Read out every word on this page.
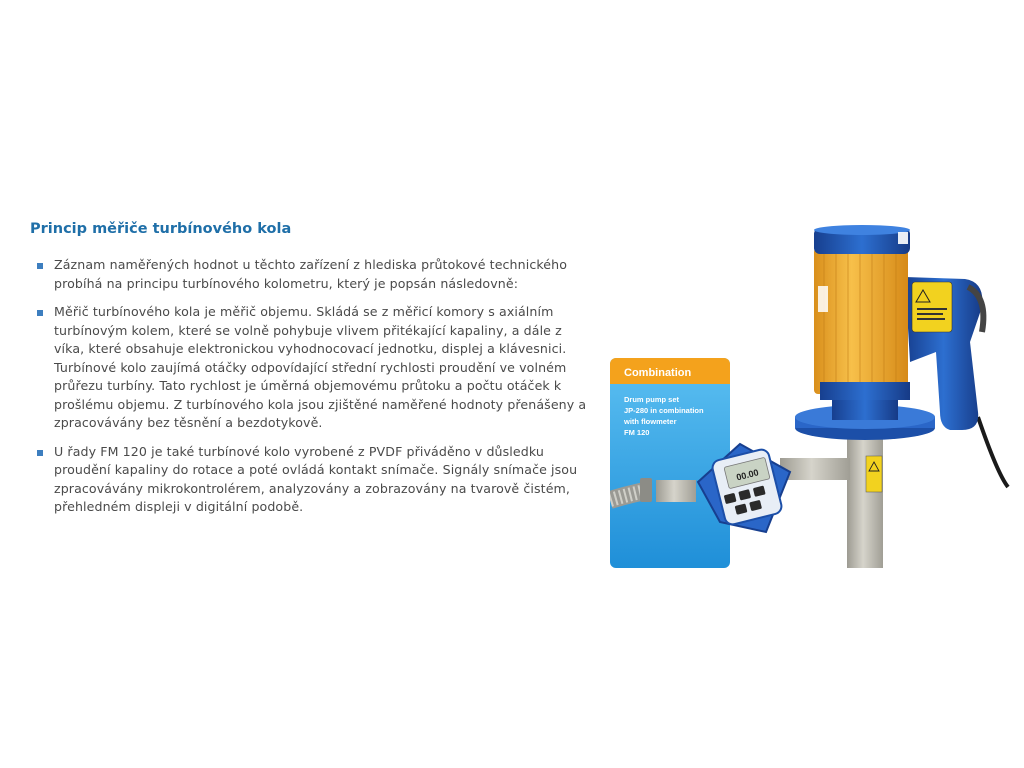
Princip měřiče turbínového kola
Záznam naměřených hodnot u těchto zařízení z hlediska průtokové technického probíhá na principu turbínového kolometru, který je popsán následovně:
Měřič turbínového kola je měřič objemu. Skládá se z měřicí komory s axiálním turbínovým kolem, které se volně pohybuje vlivem přitékající kapaliny, a dále z víka, které obsahuje elektronickou vyhodnocovací jednotku, displej a klávesnici. Turbínové kolo zaujímá otáčky odpovídající střední rychlosti proudění ve volném průřezu turbíny. Tato rychlost je úměrná objemovému průtoku a počtu otáček k prošlému objemu. Z turbínového kola jsou zjištěné naměřené hodnoty přenášeny a zpracovávány bez těsnění a bezdotykově.
U řady FM 120 je také turbínové kolo vyrobené z PVDF přiváděno v důsledku proudění kapaliny do rotace a poté ovládá kontakt snímače. Signály snímače jsou zpracovávány mikrokontrolérem, analyzovány a zobrazovány na tvarově čistém, přehledném displeji v digitální podobě.
Combination
Drum pump set
JP-280 in combination
with flowmeter
FM 120
00.00
